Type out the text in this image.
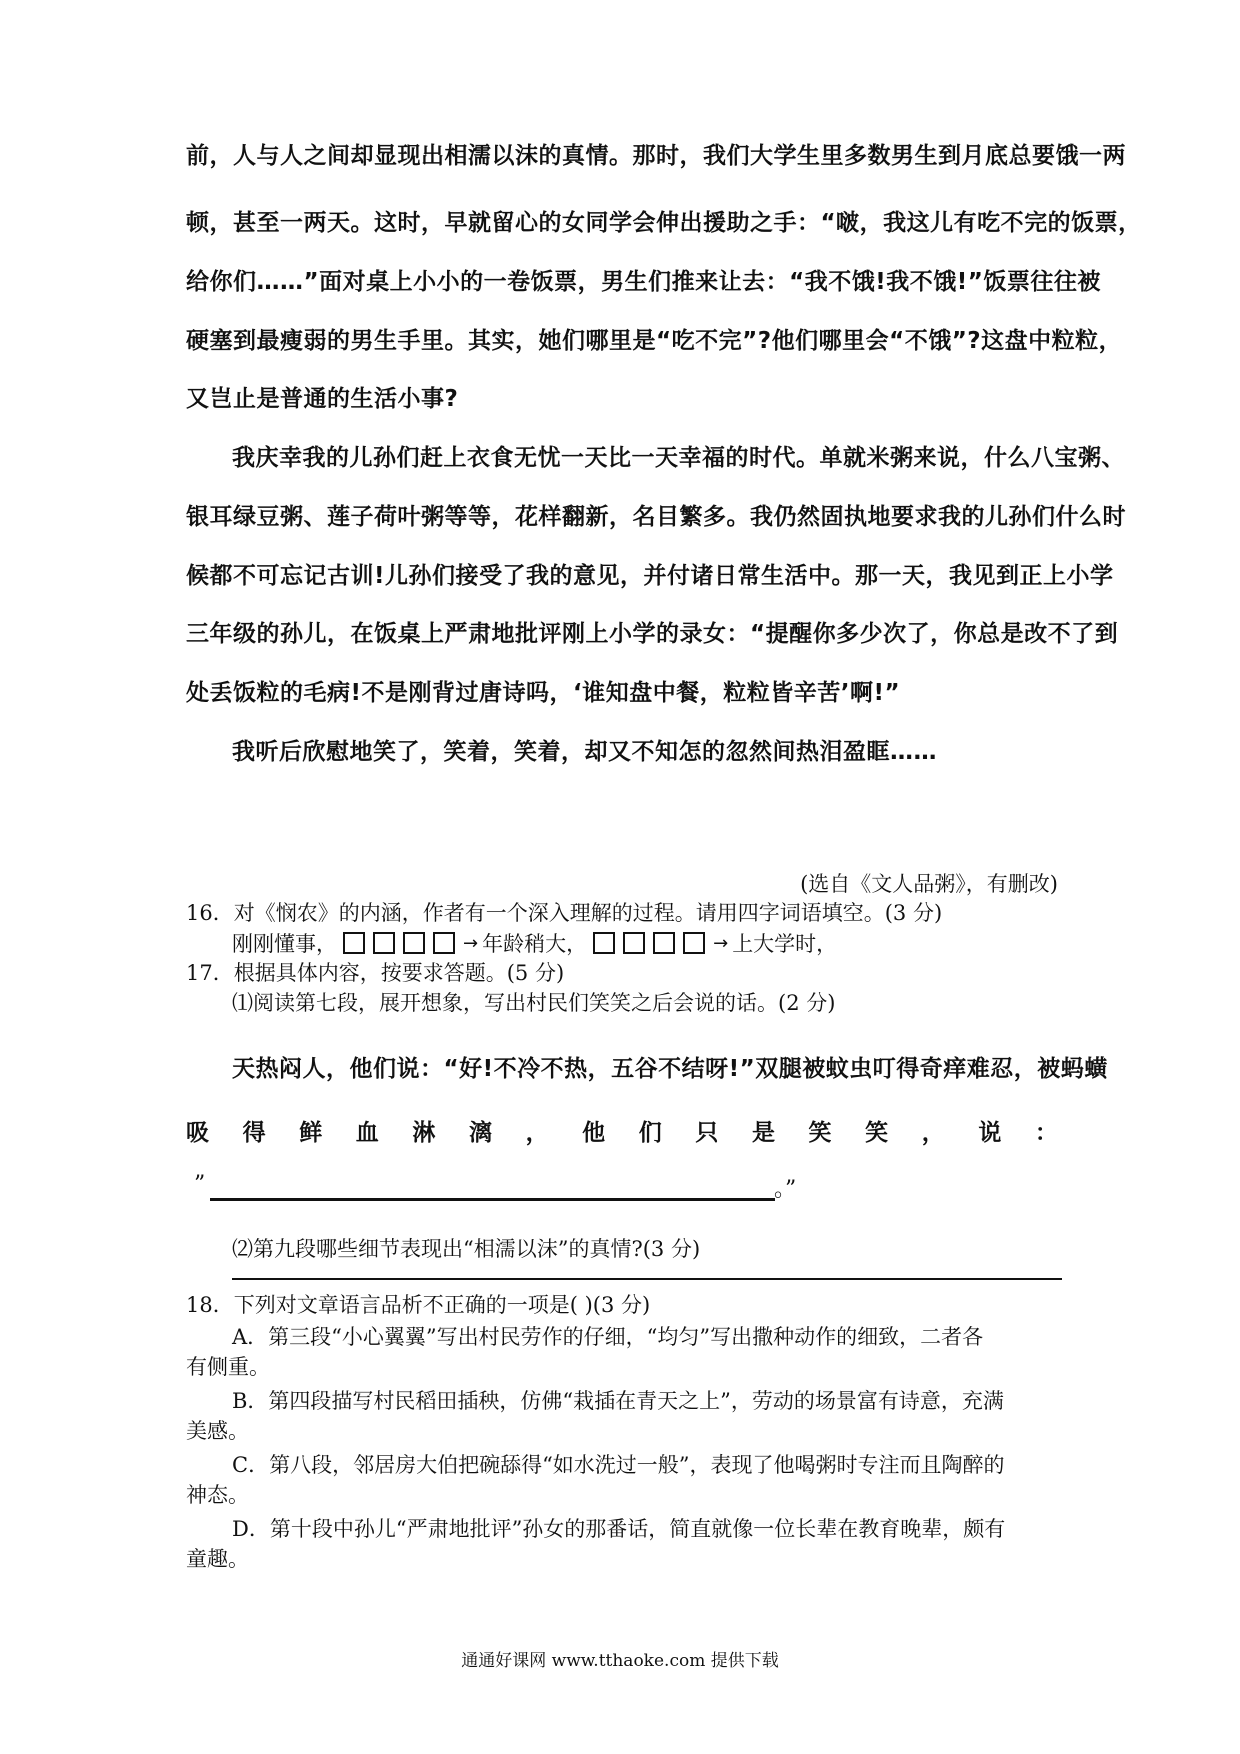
前，人与人之间却显现出相濡以沫的真情。那时，我们大学生里多数男生到月底总要饿一两
顿，甚至一两天。这时，早就留心的女同学会伸出援助之手：“啵，我这儿有吃不完的饭票，
给你们……”面对桌上小小的一卷饭票，男生们推来让去：“我不饿!我不饿!”饭票往往被
硬塞到最瘦弱的男生手里。其实，她们哪里是“吃不完”?他们哪里会“不饿”?这盘中粒粒，
又岂止是普通的生活小事?
我庆幸我的儿孙们赶上衣食无忧一天比一天幸福的时代。单就米粥来说，什么八宝粥、
银耳绿豆粥、莲子荷叶粥等等，花样翻新，名目繁多。我仍然固执地要求我的儿孙们什么时
候都不可忘记古训!儿孙们接受了我的意见，并付诸日常生活中。那一天，我见到正上小学
三年级的孙儿，在饭桌上严肃地批评刚上小学的录女：“提醒你多少次了，你总是改不了到
处丢饭粒的毛病!不是刚背过唐诗吗，‘谁知盘中餐，粒粒皆辛苦’啊!”
我听后欣慰地笑了，笑着，笑着，却又不知怎的忽然间热泪盈眶……
(选自《文人品粥》，有删改)
16．对《悯农》的内涵，作者有一个深入理解的过程。请用四字词语填空。(3 分)
刚刚懂事，	→ 年龄稍大，	→ 上大学时，
17．根据具体内容，按要求答题。(5 分)
⑴阅读第七段，展开想象，写出村民们笑笑之后会说的话。(2 分)
天热闷人，他们说：“好!不冷不热，五谷不结呀!”双腿被蚊虫叮得奇痒难忍，被蚂蟥
吸 得 鲜 血 淋 漓 ， 他 们 只 是 笑 笑 ， 说 ：
”	。”
⑵第九段哪些细节表现出“相濡以沫”的真情?(3 分)
18．下列对文章语言品析不正确的一项是( )(3 分)
A．第三段“小心翼翼”写出村民劳作的仔细，“均匀”写出撒种动作的细致，二者各
有侧重。
B．第四段描写村民稻田插秧，仿佛“栽插在青天之上”，劳动的场景富有诗意，充满
美感。
C．第八段，邻居房大伯把碗舔得“如水洗过一般”，表现了他喝粥时专注而且陶醉的
神态。
D．第十段中孙儿“严肃地批评”孙女的那番话，简直就像一位长辈在教育晚辈，颇有
童趣。
通通好课网 www.tthaoke.com 提供下载
